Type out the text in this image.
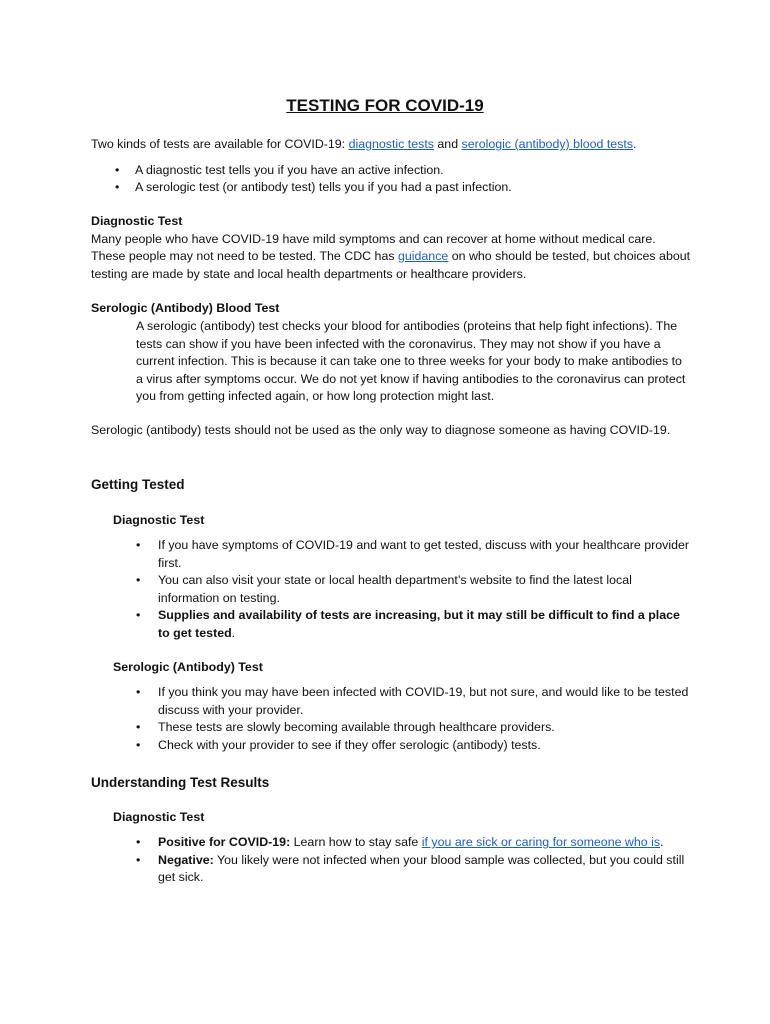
TESTING FOR COVID-19

Two kinds of tests are available for COVID-19: diagnostic tests and serologic (antibody) blood tests.

• A diagnostic test tells you if you have an active infection.
• A serologic test (or antibody test) tells you if you had a past infection.

Diagnostic Test

Many people who have COVID-19 have mild symptoms and can recover at home without medical care. These people may not need to be tested. The CDC has guidance on who should be tested, but choices about testing are made by state and local health departments or healthcare providers.

Serologic (Antibody) Blood Test
A serologic (antibody) test checks your blood for antibodies (proteins that help fight infections). The tests can show if you have been infected with the coronavirus. They may not show if you have a current infection. This is because it can take one to three weeks for your body to make antibodies to a virus after symptoms occur. We do not yet know if having antibodies to the coronavirus can protect you from getting infected again, or how long protection might last.
Serologic (antibody) tests should not be used as the only way to diagnose someone as having COVID-19.
Getting Tested
Diagnostic Test
• If you have symptoms of COVID-19 and want to get tested, discuss with your healthcare provider first.
• You can also visit your state or local health department’s website to find the latest local information on testing.
• Supplies and availability of tests are increasing, but it may still be difficult to find a place to get tested.
Serologic (Antibody) Test
• If you think you may have been infected with COVID-19, but not sure, and would like to be tested discuss with your provider.
• These tests are slowly becoming available through healthcare providers.
• Check with your provider to see if they offer serologic (antibody) tests.
Understanding Test Results
Diagnostic Test
• Positive for COVID-19: Learn how to stay safe if you are sick or caring for someone who is.
• Negative: You likely were not infected when your blood sample was collected, but you could still get sick.
